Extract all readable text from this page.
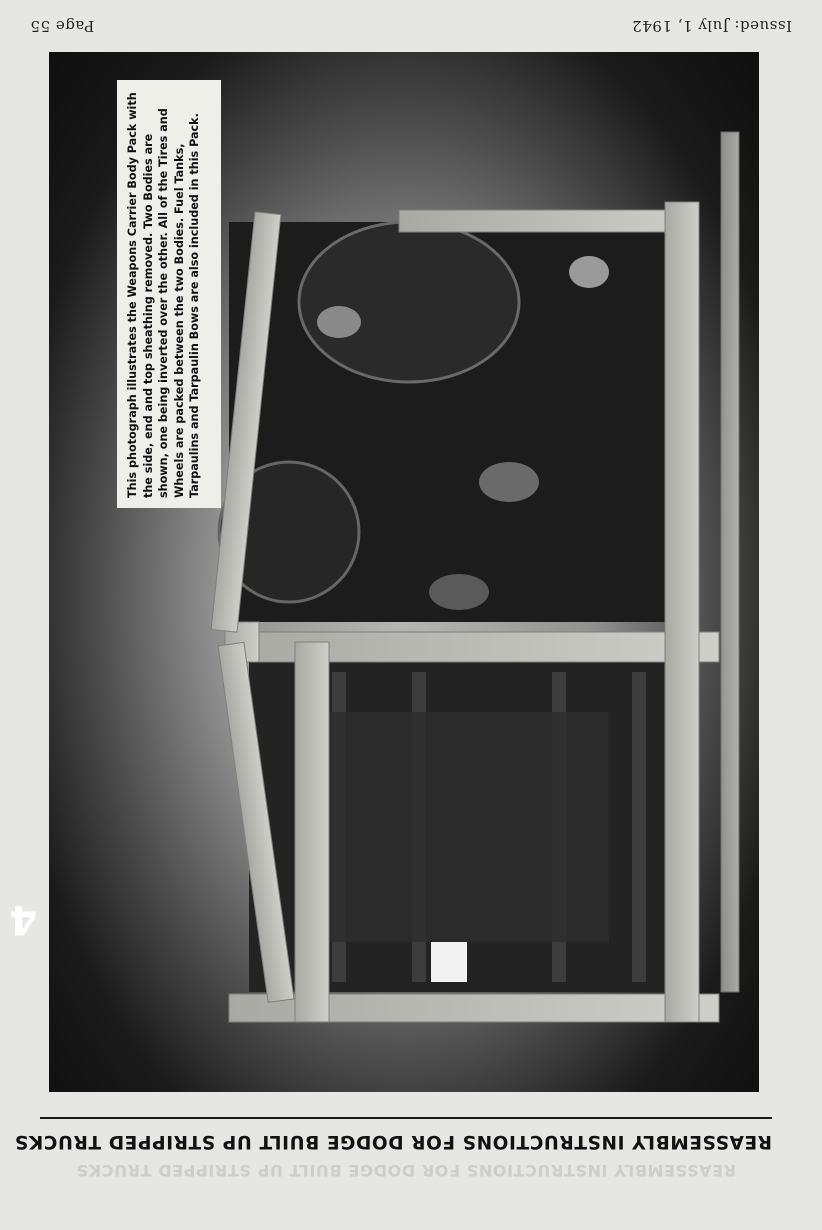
Issued: July 1, 1942
Page 55
4
This photograph illustrates the Weapons Carrier Body Pack with the side, end and top sheathing removed. Two Bodies are shown, one being inverted over the other. All of the Tires and Wheels are packed between the two Bodies. Fuel Tanks, Tarpaulins and Tarpaulin Bows are also included in this Pack.
REASSEMBLY INSTRUCTIONS FOR DODGE BUILT UP STRIPPED TRUCKS
REASSEMBLY INSTRUCTIONS FOR DODGE BUILT UP STRIPPED TRUCKS
